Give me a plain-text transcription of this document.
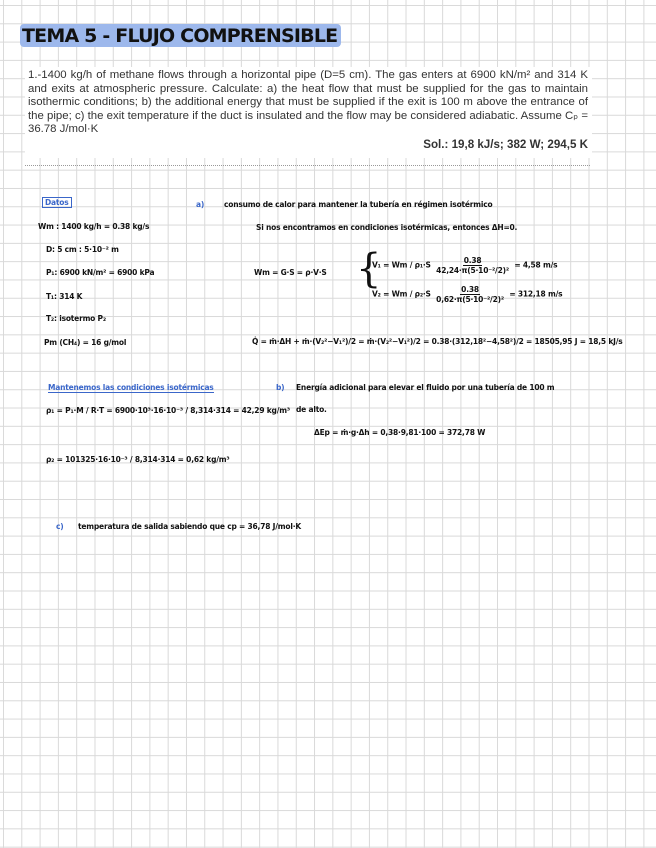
TEMA 5 - FLUJO COMPRENSIBLE
1.-1400 kg/h of methane flows through a horizontal pipe (D=5 cm). The gas enters at 6900 kN/m² and 314 K and exits at atmospheric pressure. Calculate: a) the heat flow that must be supplied for the gas to maintain isothermic conditions; b) the additional energy that must be supplied if the exit is 100 m above the entrance of the pipe; c) the exit temperature if the duct is insulated and the flow may be considered adiabatic. Assume Cₚ = 36.78 J/mol·K
Sol.: 19,8 kJ/s; 382 W; 294,5 K
Datos
Wm : 1400 kg/h = 0.38 kg/s
D: 5 cm : 5·10⁻² m
P₁: 6900 kN/m² = 6900 kPa
T₁: 314 K
T₂: isotermo P₂
Pm (CH₄) = 16 g/mol
a)	consumo de calor para mantener la tubería en régimen isotérmico
Si nos encontramos en condiciones isotérmicas, entonces ΔH=0.
Wm = G·S = ρ·V·S {
$V_1 = Wm / \rho_1\cdot S \frac{0.38}{\text{42,24·π(5·10⁻²/2)²}} = 4,58$ m/s
$V_2 = Wm / \rho_2\cdot S \frac{0.38}{\text{0,62·π(5·10⁻²/2)²}} = 312,18$ m/s
Q̇ = ṁ·ΔH + ṁ·(V₂²−V₁²)/2 = ṁ·(V₂²−V₁²)/2 = 0.38·(312,18²−4,58²)/2 = 18505,95 J = 18,5 kJ/s
Mantenemos las condiciones isotérmicas
ρ₁ = P₁·M / R·T = 6900·10³·16·10⁻³ / 8,314·314 = 42,29 kg/m³
ρ₂ = 101325·16·10⁻³ / 8,314·314 = 0,62 kg/m³
b) Energía adicional para elevar el fluido por una tubería de 100 m
de alto.
ΔEp = ṁ·g·Δh = 0,38·9,81·100 = 372,78 W
c) temperatura de salida sabiendo que cp = 36,78 J/mol·K
